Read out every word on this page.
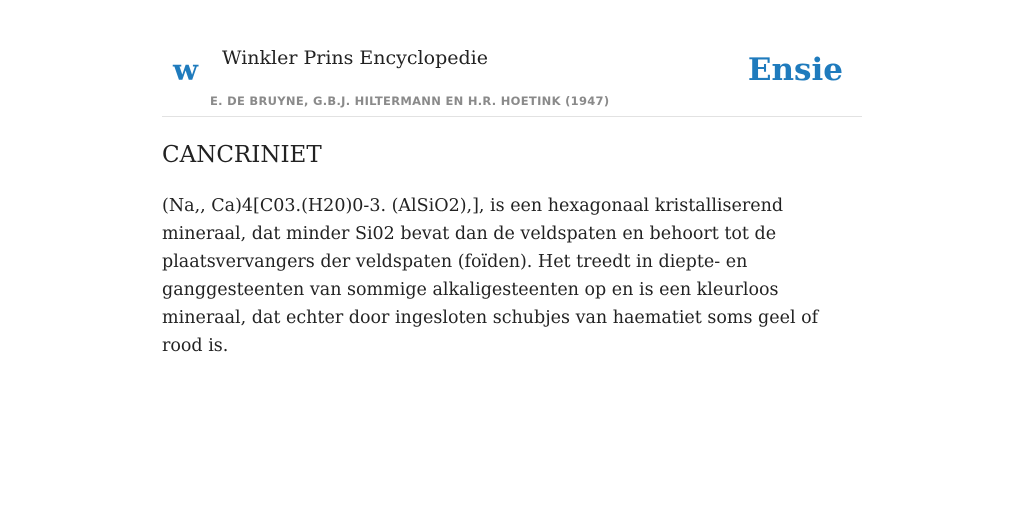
w Winkler Prins Encyclopedie
E. DE BRUYNE, G.B.J. HILTERMANN EN H.R. HOETINK (1947)
Ensie
CANCRINIET

(Na,, Ca)4[C03.(H20)0-3. (AlSiO2),], is een hexagonaal kristalliserend mineraal, dat minder Si02 bevat dan de veldspaten en behoort tot de plaatsvervangers der veldspaten (foïden). Het treedt in diepte- en ganggesteenten van sommige alkaligesteenten op en is een kleurloos mineraal, dat echter door ingesloten schubjes van haematiet soms geel of rood is.
